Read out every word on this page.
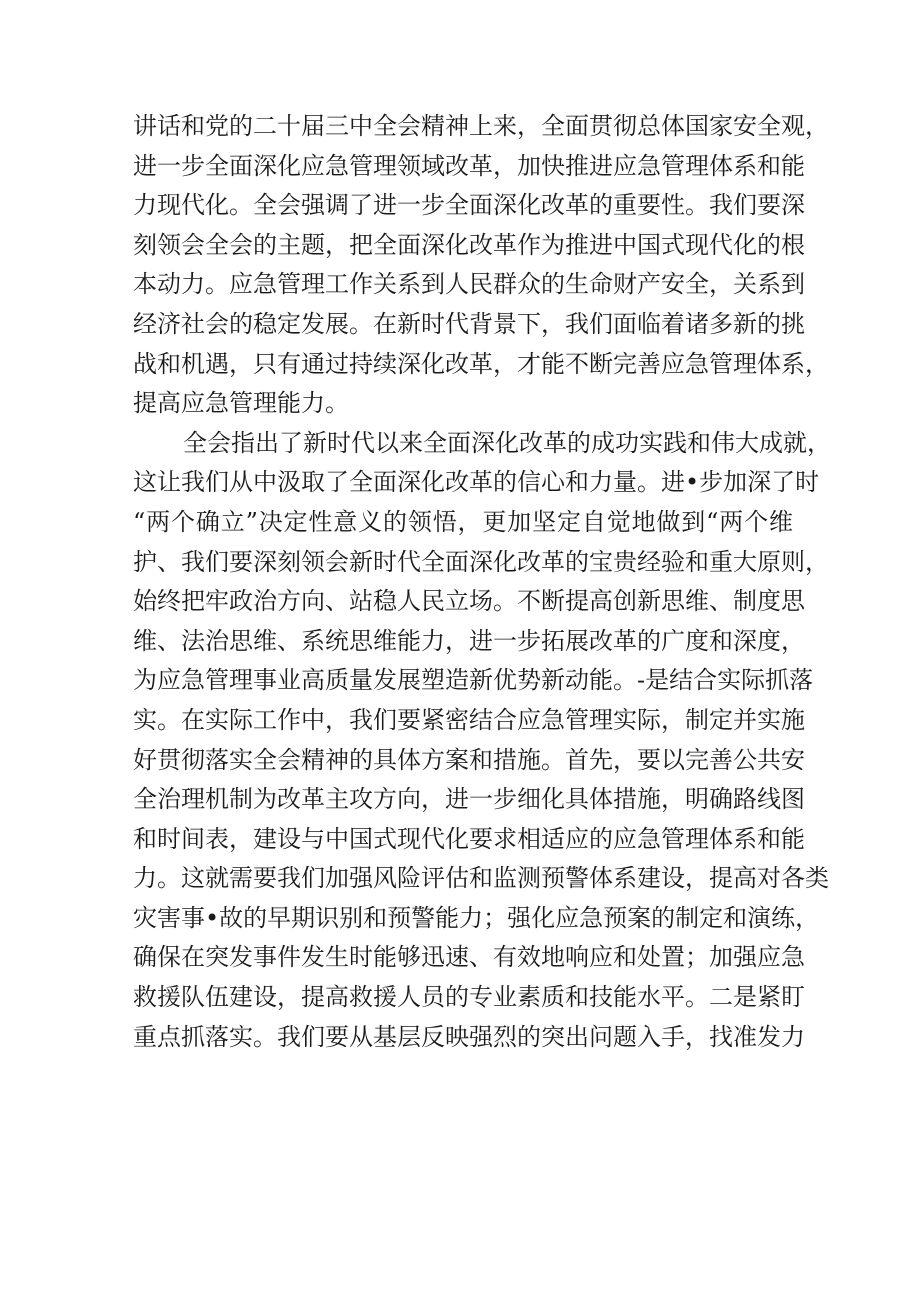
讲话和党的二十届三中全会精神上来，全面贯彻总体国家安全观，
进一步全面深化应急管理领域改革，加快推进应急管理体系和能
力现代化。全会强调了进一步全面深化改革的重要性。我们要深
刻领会全会的主题，把全面深化改革作为推进中国式现代化的根
本动力。应急管理工作关系到人民群众的生命财产安全，关系到
经济社会的稳定发展。在新时代背景下，我们面临着诸多新的挑
战和机遇，只有通过持续深化改革，才能不断完善应急管理体系，
提高应急管理能力。
全会指出了新时代以来全面深化改革的成功实践和伟大成就，
这让我们从中汲取了全面深化改革的信心和力量。进•步加深了时
“两个确立”决定性意义的领悟，更加坚定自觉地做到“两个维
护、我们要深刻领会新时代全面深化改革的宝贵经验和重大原则，
始终把牢政治方向、站稳人民立场。不断提高创新思维、制度思
维、法治思维、系统思维能力，进一步拓展改革的广度和深度，
为应急管理事业高质量发展塑造新优势新动能。-是结合实际抓落
实。在实际工作中，我们要紧密结合应急管理实际，制定并实施
好贯彻落实全会精神的具体方案和措施。首先，要以完善公共安
全治理机制为改革主攻方向，进一步细化具体措施，明确路线图
和时间表，建设与中国式现代化要求相适应的应急管理体系和能
力。这就需要我们加强风险评估和监测预警体系建设，提高对各类
灾害事•故的早期识别和预警能力；强化应急预案的制定和演练，
确保在突发事件发生时能够迅速、有效地响应和处置；加强应急
救援队伍建设，提高救援人员的专业素质和技能水平。二是紧盯
重点抓落实。我们要从基层反映强烈的突出问题入手，找准发力
